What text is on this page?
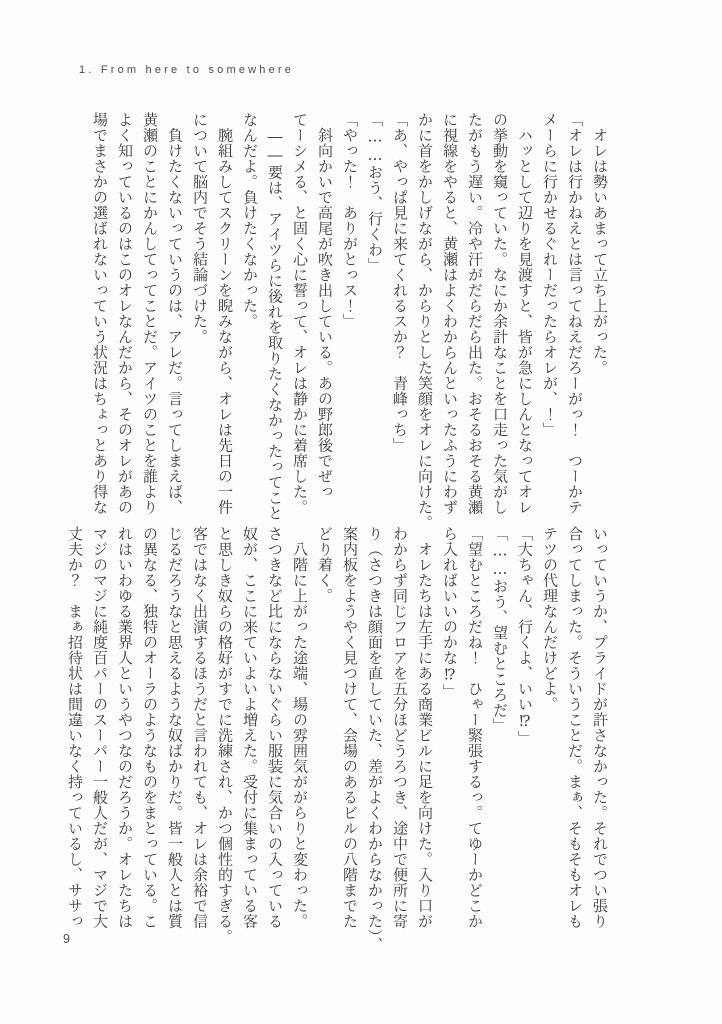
1. From here to somewhere

　オレは勢いあまって立ち上がった。

「オレは行かねえとは言ってねえだろーがっ！　つーかテ

メーらに行かせるぐれーだったらオレが、！」

　ハッとして辺りを見渡すと、皆が急にしんとなってオレ

の挙動を窺っていた。なにか余計なことを口走った気がし

たがもう遅い。冷や汗がだらだら出た。おそるおそる黄瀬

に視線をやると、黄瀬はよくわからんといったふうにわず

かに首をかしげながら、からりとした笑顔をオレに向けた。

「あ、やっぱ見に来てくれるスか？　青峰っち」

「……おう、行くわ」

「やった！　ありがとっス！」

　斜向かいで高尾が吹き出している。あの野郎後でぜっ

てーシメる、と固く心に誓って、オレは静かに着席した。

　――要は、アイツらに後れを取りたくなかったってこと

なんだよ。負けたくなかった。

　腕組みしてスクリーンを睨みながら、オレは先日の一件

について脳内でそう結論づけた。

　負けたくないっていうのは、アレだ。言ってしまえば、

黄瀬のことにかんしてってことだ。アイツのことを誰より

よく知っているのはこのオレなんだから、そのオレがあの

場でまさかの選ばれないっていう状況はちょっとあり得な

いっていうか、プライドが許さなかった。それでつい張り

合ってしまった。そういうことだ。まぁ、そもそもオレも

テツの代理なんだけどよ。

「大ちゃん、行くよ、いい⁉」

「……おう、望むところだ」

「望むところだね！　ひゃー緊張するっ。てゆーかどこか

ら入ればいいのかな⁉」

　オレたちは左手にある商業ビルに足を向けた。入り口が

わからず同じフロアを五分ほどうろつき、途中で便所に寄

り（さつきは顔面を直していた、差がよくわからなかった）、

案内板をようやく見つけて、会場のあるビルの八階までた

どり着く。

　八階に上がった途端、場の雰囲気ががらりと変わった。

さつきなど比にならないぐらい服装に気合いの入っている

奴が、ここに来ていよいよ増えた。受付に集まっている客

と思しき奴らの格好がすでに洗練され、かつ個性的すぎる。

客ではなく出演するほうだと言われても、オレは余裕で信

じるだろうなと思えるような奴ばかりだ。皆一般人とは質

の異なる、独特のオーラのようなものをまとっている。こ

れはいわゆる業界人というやつなのだろうか。オレたちは

マジのマジに純度百パーのスーパー一般人だが、マジで大

丈夫か？　まぁ招待状は間違いなく持っているし、ササっ

9
